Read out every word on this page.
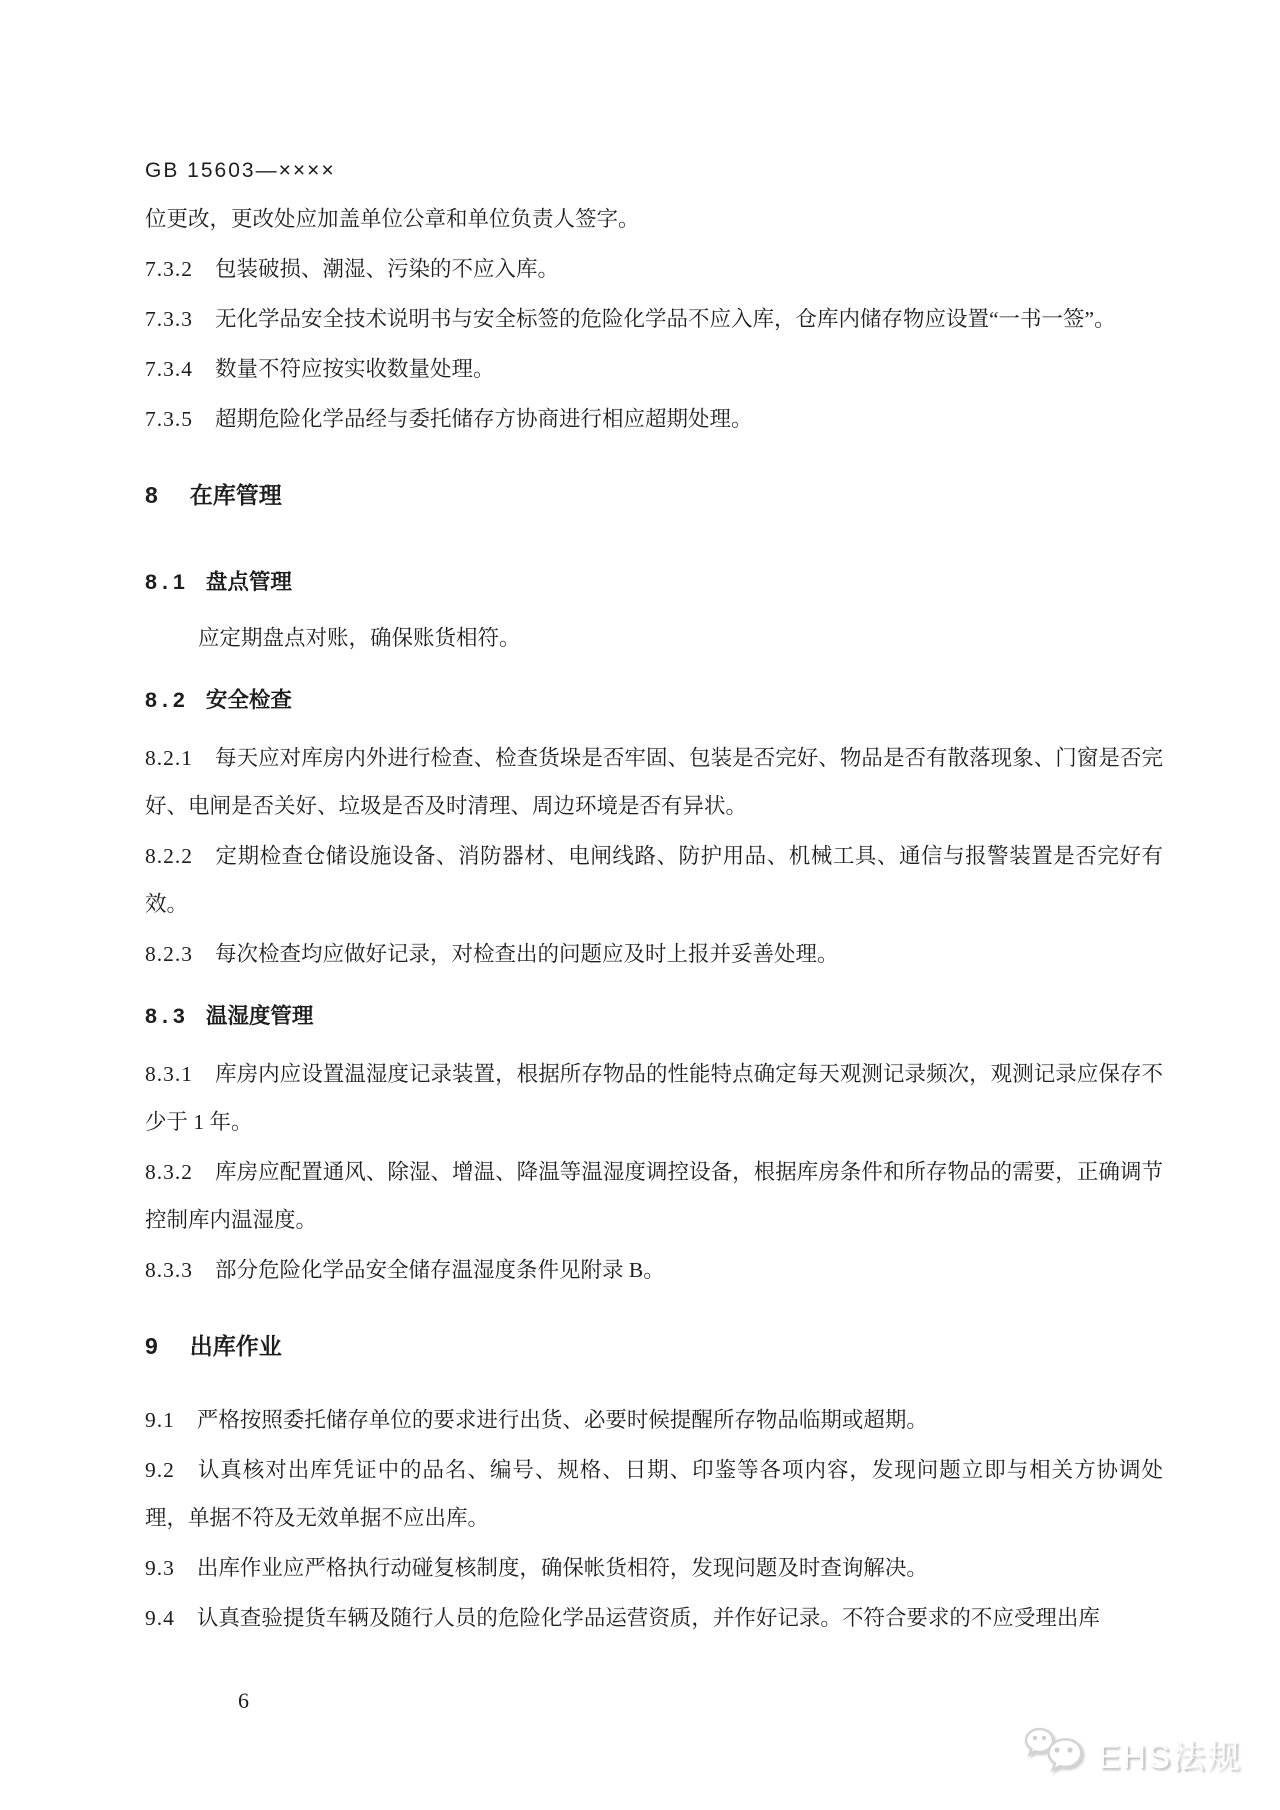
GB 15603—××××

位更改，更改处应加盖单位公章和单位负责人签字。

7.3.2 包装破损、潮湿、污染的不应入库。

7.3.3 无化学品安全技术说明书与安全标签的危险化学品不应入库，仓库内储存物应设置“一书一签”。

7.3.4 数量不符应按实收数量处理。

7.3.5 超期危险化学品经与委托储存方协商进行相应超期处理。

8 在库管理
8.1 盘点管理

应定期盘点对账，确保账货相符。

8.2 安全检查

8.2.1 每天应对库房内外进行检查、检查货垛是否牢固、包装是否完好、物品是否有散落现象、门窗是否完好、电闸是否关好、垃圾是否及时清理、周边环境是否有异状。

8.2.2 定期检查仓储设施设备、消防器材、电闸线路、防护用品、机械工具、通信与报警装置是否完好有效。

8.2.3 每次检查均应做好记录，对检查出的问题应及时上报并妥善处理。

8.3 温湿度管理

8.3.1 库房内应设置温湿度记录装置，根据所存物品的性能特点确定每天观测记录频次，观测记录应保存不少于 1 年。

8.3.2 库房应配置通风、除湿、增温、降温等温湿度调控设备，根据库房条件和所存物品的需要，正确调节控制库内温湿度。

8.3.3 部分危险化学品安全储存温湿度条件见附录 B。

9 出库作业

9.1 严格按照委托储存单位的要求进行出货、必要时候提醒所存物品临期或超期。

9.2 认真核对出库凭证中的品名、编号、规格、日期、印鉴等各项内容，发现问题立即与相关方协调处理，单据不符及无效单据不应出库。

9.3 出库作业应严格执行动碰复核制度，确保帐货相符，发现问题及时查询解决。

9.4 认真查验提货车辆及随行人员的危险化学品运营资质，并作好记录。不符合要求的不应受理出库

6
EHS法规
